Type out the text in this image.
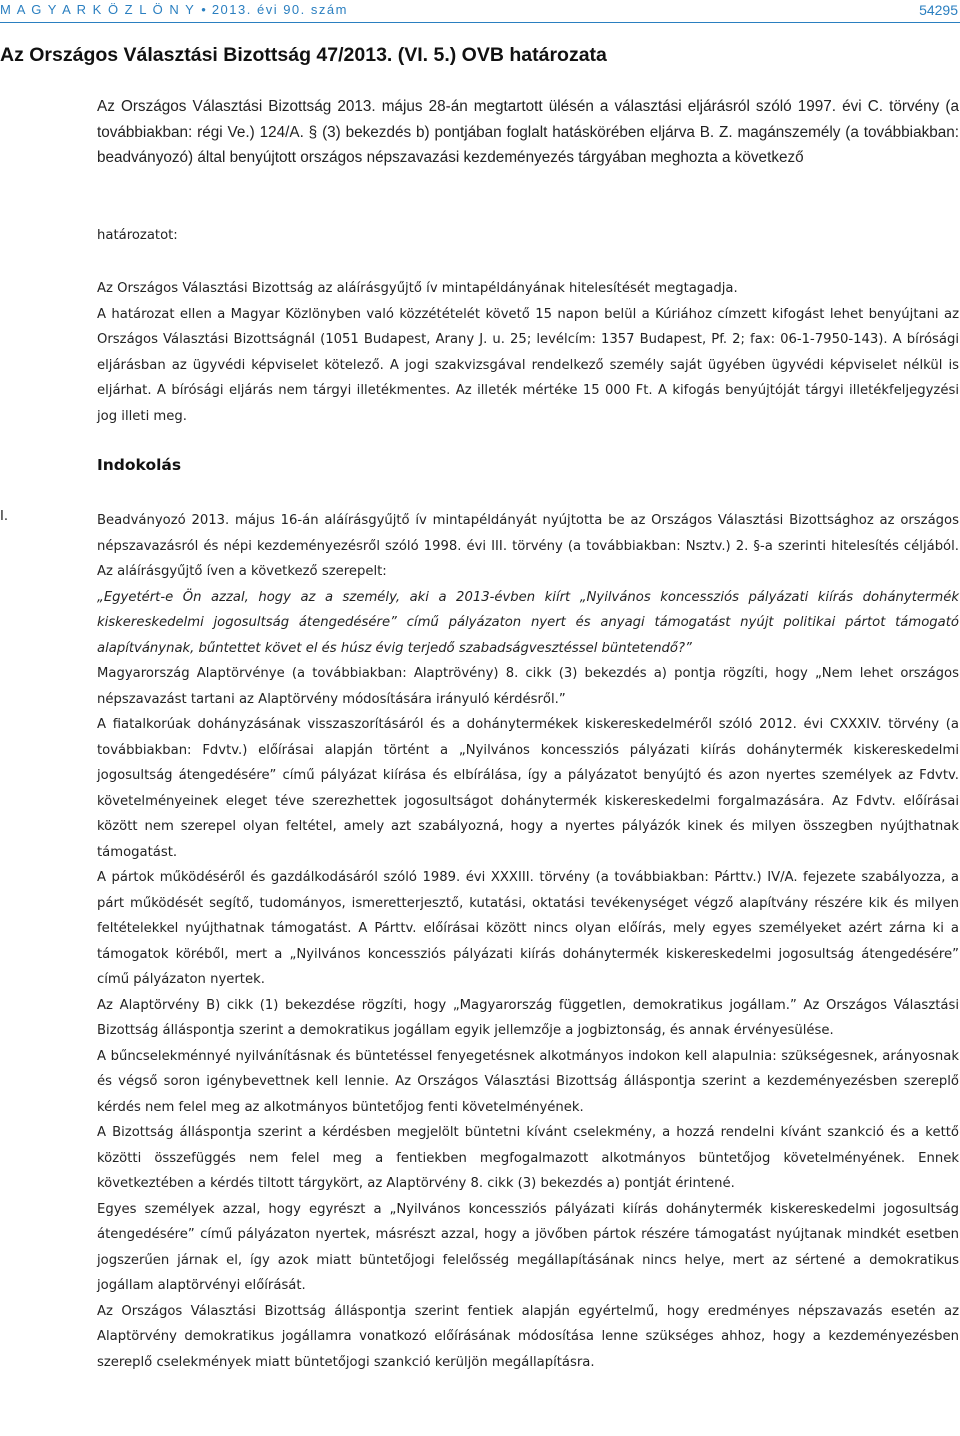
M A G Y A R K Ö Z L Ö N Y • 2013. évi 90. szám	54295
Az Országos Választási Bizottság 47/2013. (VI. 5.) OVB határozata

Az Országos Választási Bizottság 2013. május 28-án megtartott ülésén a választási eljárásról szóló 1997. évi C. törvény (a továbbiakban: régi Ve.) 124/A. § (3) bekezdés b) pontjában foglalt hatáskörében eljárva B. Z. magánszemély (a továbbiakban: beadványozó) által benyújtott országos népszavazási kezdeményezés tárgyában meghozta a következő

határozatot:

Az Országos Választási Bizottság az aláírásgyűjtő ív mintapéldányának hitelesítését megtagadja.

A határozat ellen a Magyar Közlönyben való közzétételét követő 15 napon belül a Kúriához címzett kifogást lehet benyújtani az Országos Választási Bizottságnál (1051 Budapest, Arany J. u. 25; levélcím: 1357 Budapest, Pf. 2; fax: 06-1-7950-143). A bírósági eljárásban az ügyvédi képviselet kötelező. A jogi szakvizsgával rendelkező személy saját ügyében ügyvédi képviselet nélkül is eljárhat. A bírósági eljárás nem tárgyi illetékmentes. Az illeték mértéke 15 000 Ft. A kifogás benyújtóját tárgyi illetékfeljegyzési jog illeti meg.

Indokolás
I.	Beadványozó 2013. május 16-án aláírásgyűjtő ív mintapéldányát nyújtotta be az Országos Választási Bizottsághoz az országos népszavazásról és népi kezdeményezésről szóló 1998. évi III. törvény (a továbbiakban: Nsztv.) 2. §-a szerinti hitelesítés céljából. Az aláírásgyűjtő íven a következő szerepelt:

„Egyetért-e Ön azzal, hogy az a személy, aki a 2013-évben kiírt „Nyilvános koncessziós pályázati kiírás dohánytermék kiskereskedelmi jogosultság átengedésére” című pályázaton nyert és anyagi támogatást nyújt politikai pártot támogató alapítványnak, bűntettet követ el és húsz évig terjedő szabadságvesztéssel büntetendő?”

Magyarország Alaptörvénye (a továbbiakban: Alaptrövény) 8. cikk (3) bekezdés a) pontja rögzíti, hogy „Nem lehet országos népszavazást tartani az Alaptörvény módosítására irányuló kérdésről.”

A fiatalkorúak dohányzásának visszaszorításáról és a dohánytermékek kiskereskedelméről szóló 2012. évi CXXXIV. törvény (a továbbiakban: Fdvtv.) előírásai alapján történt a „Nyilvános koncessziós pályázati kiírás dohánytermék kiskereskedelmi jogosultság átengedésére” című pályázat kiírása és elbírálása, így a pályázatot benyújtó és azon nyertes személyek az Fdvtv. követelményeinek eleget téve szerezhettek jogosultságot dohánytermék kiskereskedelmi forgalmazására. Az Fdvtv. előírásai között nem szerepel olyan feltétel, amely azt szabályozná, hogy a nyertes pályázók kinek és milyen összegben nyújthatnak támogatást.

A pártok működéséről és gazdálkodásáról szóló 1989. évi XXXIII. törvény (a továbbiakban: Párttv.) IV/A. fejezete szabályozza, a párt működését segítő, tudományos, ismeretterjesztő, kutatási, oktatási tevékenységet végző alapítvány részére kik és milyen feltételekkel nyújthatnak támogatást. A Párttv. előírásai között nincs olyan előírás, mely egyes személyeket azért zárna ki a támogatok köréből, mert a „Nyilvános koncessziós pályázati kiírás dohánytermék kiskereskedelmi jogosultság átengedésére” című pályázaton nyertek.

Az Alaptörvény B) cikk (1) bekezdése rögzíti, hogy „Magyarország független, demokratikus jogállam.” Az Országos Választási Bizottság álláspontja szerint a demokratikus jogállam egyik jellemzője a jogbiztonság, és annak érvényesülése.

A bűncselekménnyé nyilvánításnak és büntetéssel fenyegetésnek alkotmányos indokon kell alapulnia: szükségesnek, arányosnak és végső soron igénybevettnek kell lennie. Az Országos Választási Bizottság álláspontja szerint a kezdeményezésben szereplő kérdés nem felel meg az alkotmányos büntetőjog fenti követelményének.

A Bizottság álláspontja szerint a kérdésben megjelölt büntetni kívánt cselekmény, a hozzá rendelni kívánt szankció és a kettő közötti összefüggés nem felel meg a fentiekben megfogalmazott alkotmányos büntetőjog követelményének. Ennek következtében a kérdés tiltott tárgykört, az Alaptörvény 8. cikk (3) bekezdés a) pontját érintené.

Egyes személyek azzal, hogy egyrészt a „Nyilvános koncessziós pályázati kiírás dohánytermék kiskereskedelmi jogosultság átengedésére” című pályázaton nyertek, másrészt azzal, hogy a jövőben pártok részére támogatást nyújtanak mindkét esetben jogszerűen járnak el, így azok miatt büntetőjogi felelősség megállapításának nincs helye, mert az sértené a demokratikus jogállam alaptörvényi előírását.

Az Országos Választási Bizottság álláspontja szerint fentiek alapján egyértelmű, hogy eredményes népszavazás esetén az Alaptörvény demokratikus jogállamra vonatkozó előírásának módosítása lenne szükséges ahhoz, hogy a kezdeményezésben szereplő cselekmények miatt büntetőjogi szankció kerüljön megállapításra.
